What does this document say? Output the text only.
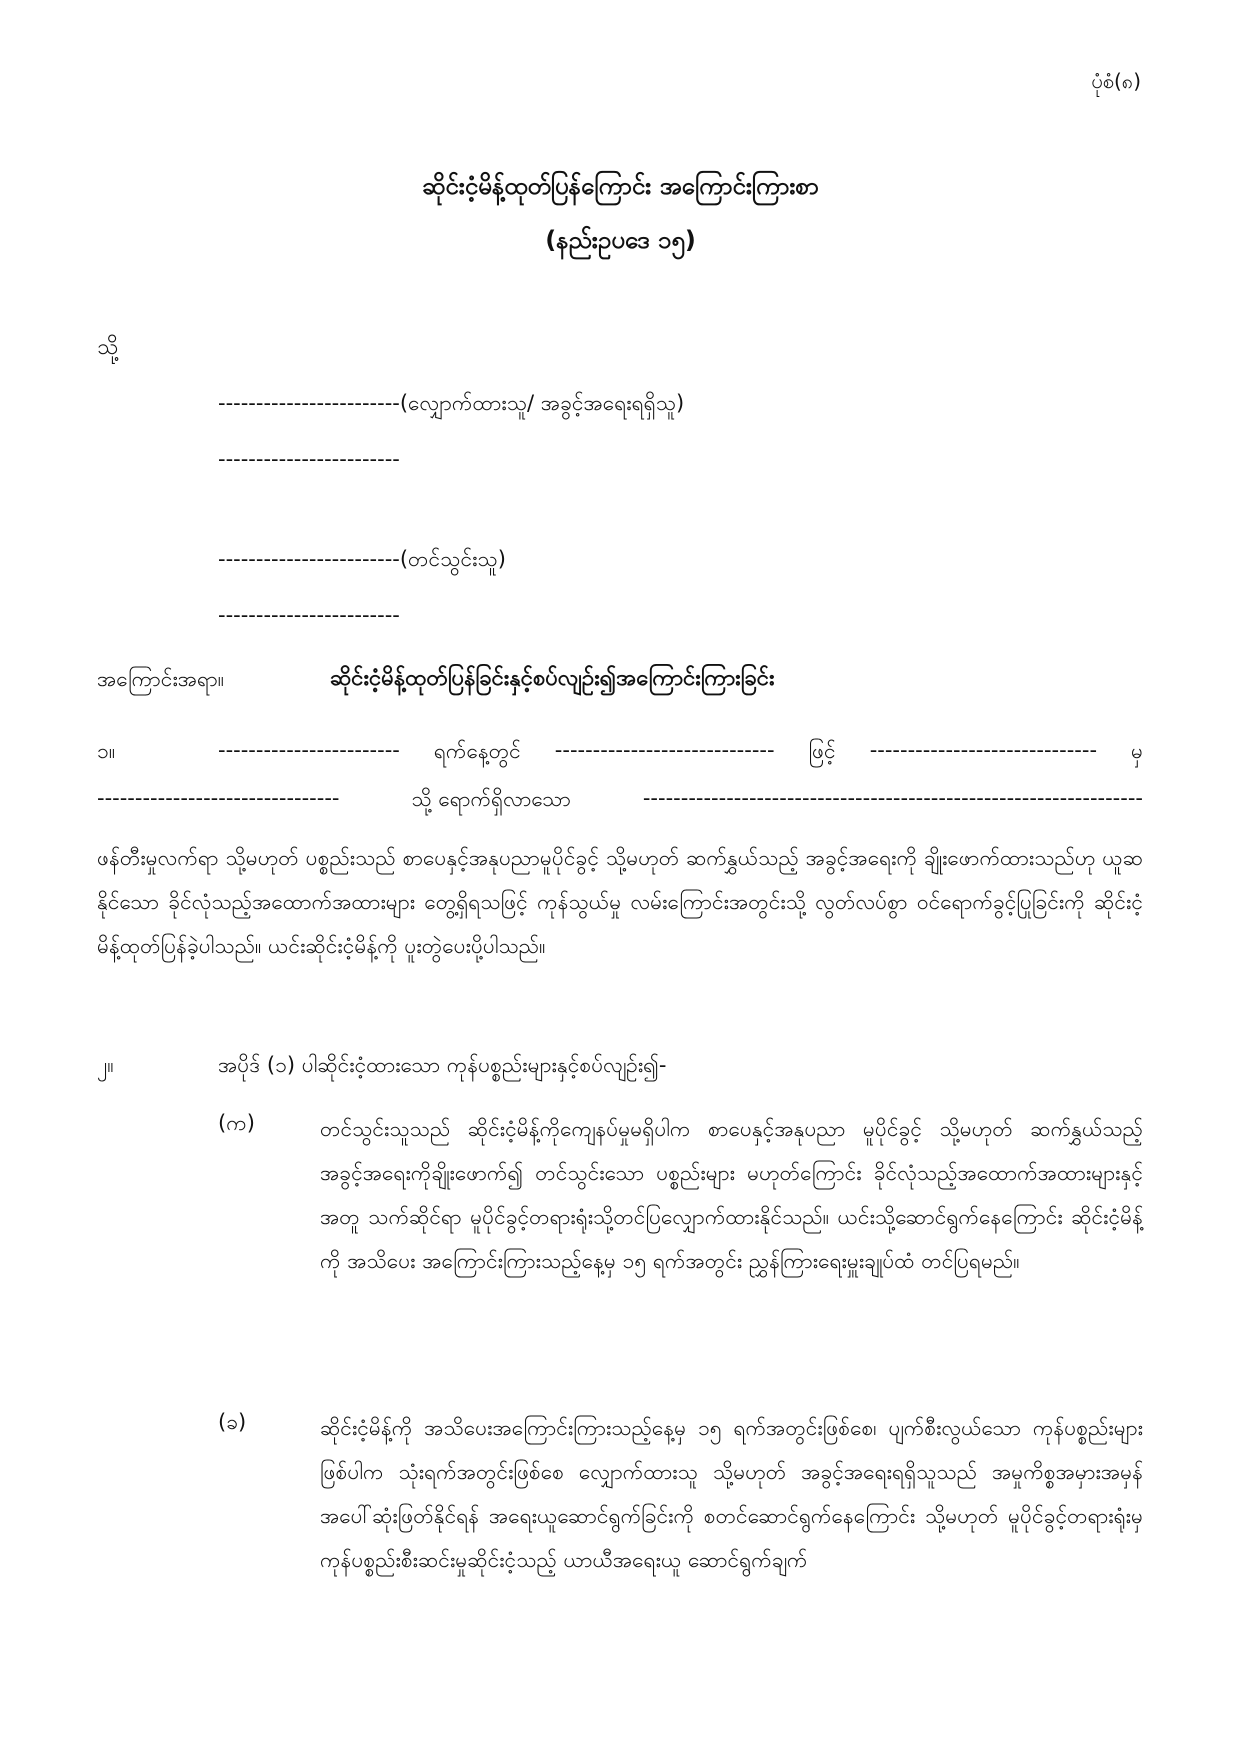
ပုံစံ(၈)
ဆိုင်းငံ့မိန့်ထုတ်ပြန်ကြောင်း အကြောင်းကြားစာ
(နည်းဥပဒေ ၁၅)
သို့
------------------------(လျှောက်ထားသူ/ အခွင့်အရေးရရှိသူ)
------------------------
------------------------(တင်သွင်းသူ)
------------------------
အကြောင်းအရာ။	ဆိုင်းငံ့မိန့်ထုတ်ပြန်ခြင်းနှင့်စပ်လျဉ်း၍အကြောင်းကြားခြင်း
၁။	------------------------ ရက်နေ့တွင် ----------------------------- ဖြင့် ------------------------------ မှ
--------------------------------	သို့ ရောက်ရှိလာသော	------------------------------------------------------------------
ဖန်တီးမှုလက်ရာ သို့မဟုတ် ပစ္စည်းသည် စာပေနှင့်အနုပညာမူပိုင်ခွင့် သို့မဟုတ် ဆက်နွှယ်သည့် အခွင့်အရေးကို ချိုးဖောက်ထားသည်ဟု ယူဆနိုင်သော ခိုင်လုံသည့်အထောက်အထားများ တွေ့ရှိရသဖြင့် ကုန်သွယ်မှု လမ်းကြောင်းအတွင်းသို့ လွတ်လပ်စွာ ဝင်ရောက်ခွင့်ပြုခြင်းကို ဆိုင်းငံ့မိန့်ထုတ်ပြန်ခဲ့ပါသည်။ ယင်းဆိုင်းငံ့မိန့်ကို ပူးတွဲပေးပို့ပါသည်။
၂။	အပိုဒ် (၁) ပါဆိုင်းငံ့ထားသော ကုန်ပစ္စည်းများနှင့်စပ်လျဉ်း၍-
(က)	တင်သွင်းသူသည် ဆိုင်းငံ့မိန့်ကိုကျေနပ်မှုမရှိပါက စာပေနှင့်အနုပညာ မူပိုင်ခွင့် သို့မဟုတ် ဆက်နွှယ်သည့်အခွင့်အရေးကိုချိုးဖောက်၍ တင်သွင်းသော ပစ္စည်းများ မဟုတ်ကြောင်း ခိုင်လုံသည့်အထောက်အထားများနှင့်အတူ သက်ဆိုင်ရာ မူပိုင်ခွင့်တရားရုံးသို့တင်ပြလျှောက်ထားနိုင်သည်။ ယင်းသို့ဆောင်ရွက်နေကြောင်း ဆိုင်းငံ့မိန့်ကို အသိပေး အကြောင်းကြားသည့်နေ့မှ ၁၅ ရက်အတွင်း ညွှန်ကြားရေးမှူးချုပ်ထံ တင်ပြရမည်။
(ခ)	ဆိုင်းငံ့မိန့်ကို အသိပေးအကြောင်းကြားသည့်နေ့မှ ၁၅ ရက်အတွင်းဖြစ်စေ၊ ပျက်စီးလွယ်သော ကုန်ပစ္စည်းများဖြစ်ပါက သုံးရက်အတွင်းဖြစ်စေ လျှောက်ထားသူ သို့မဟုတ် အခွင့်အရေးရရှိသူသည် အမှုကိစ္စအမှားအမှန် အပေါ်ဆုံးဖြတ်နိုင်ရန် အရေးယူဆောင်ရွက်ခြင်းကို စတင်ဆောင်ရွက်နေကြောင်း သို့မဟုတ် မူပိုင်ခွင့်တရားရုံးမှ ကုန်ပစ္စည်းစီးဆင်းမှုဆိုင်းငံ့သည့် ယာယီအရေးယူ ဆောင်ရွက်ချက်
